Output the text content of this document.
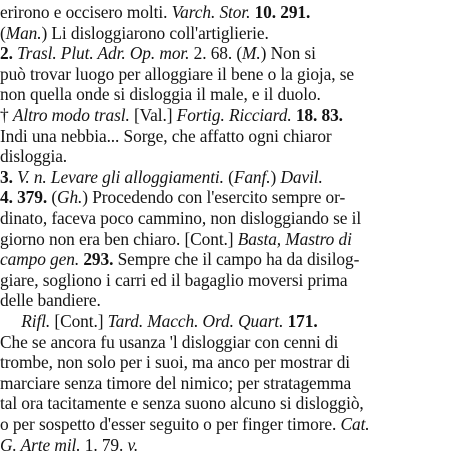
erirono e occisero molti. Varch. Stor. 10. 291.
(Man.) Li disloggiarono coll'artiglierie.
2. Trasl. Plut. Adr. Op. mor. 2. 68. (M.) Non si
può trovar luogo per alloggiare il bene o la gioja, se
non quella onde si disloggia il male, e il duolo.
† Altro modo trasl. [Val.] Fortig. Ricciard. 18. 83.
Indi una nebbia... Sorge, che affatto ogni chiaror
disloggia.
3. V. n. Levare gli alloggiamenti. (Fanf.) Davil.
4. 379. (Gh.) Procedendo con l'esercito sempre or-
dinato, faceva poco cammino, non disloggiando se il
giorno non era ben chiaro. [Cont.] Basta, Mastro di
campo gen. 293. Sempre che il campo ha da disilog-
giare, sogliono i carri ed il bagaglio moversi prima
delle bandiere.
Rifl. [Cont.] Tard. Macch. Ord. Quart. 171.
Che se ancora fu usanza 'l disloggiar con cenni di
trombe, non solo per i suoi, ma anco per mostrar di
marciare senza timore del nimico; per stratagemma
tal ora tacitamente e senza suono alcuno si disloggiò,
o per sospetto d'esser seguito o per finger timore. Cat.
G. Arte mil. 1. 79. v.
